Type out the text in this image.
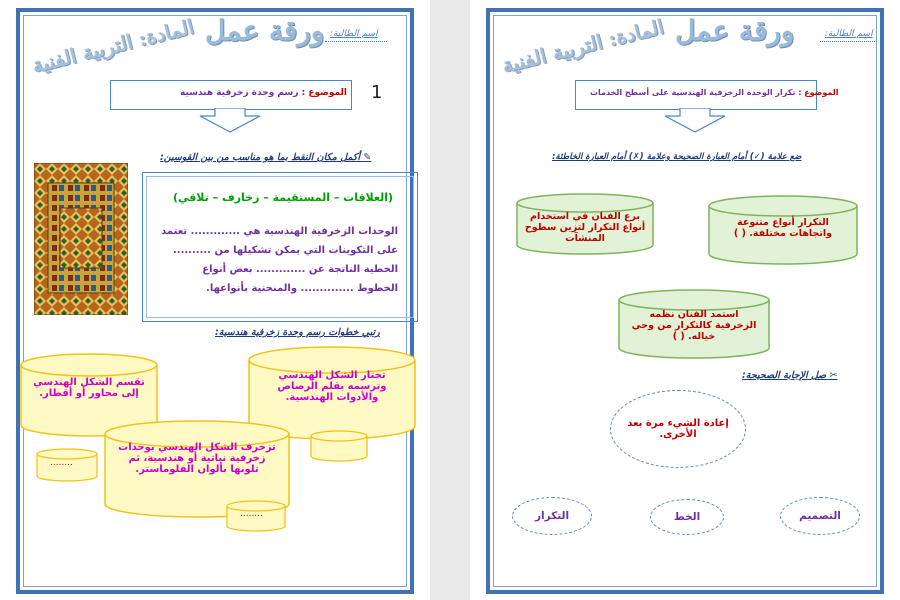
اسم الطالبة:
ورقة عمل
المادة: التربية الفنية
الموضوع : رسم وحدة زخرفية هندسية	1
✎ أكمل مكان النقط بما هو مناسب من بين القوسين:
(العلاقات – المستقيمة – زخارف – تلاقي)
الوحدات الزخرفية الهندسية هي ............. تعتمد
على التكوينات التي يمكن تشكيلها من ..........
الخطية الناتجة عن ............. بعض أنواع
الخطوط .............. والمنحنية بأنواعها.
رتبي خطوات رسم وحدة زخرفية هندسية:
تختار الشكل الهندسي وترسمه بقلم الرصاص والأدوات الهندسية.
تقسم الشكل الهندسي إلى محاور أو أقطار.
تزخرف الشكل الهندسي بوحدات زخرفية نباتية أو هندسية، ثم تلونها بألوان الفلوماستر.
........
........
اسم الطالبة:
ورقة عمل
المادة: التربية الفنية
الموضوع : تكرار الوحدة الزخرفية الهندسية على أسطح الخدمات
ضع علامة (✓) أمام العبارة الصحيحة وعلامة (✗) أمام العبارة الخاطئة:
برع الفنان في استخدام أنواع التكرار لتزين سطوح المنشآت
التكرار أنواع متنوعة واتجاهات مختلفة. ( )
استمد الفنان نظمه الزخرفية كالتكرار من وحي خياله. ( )
✂ صل الإجابة الصحيحة:
إعادة الشيء مرة بعد الأخرى.
التكرار	الخط	التصميم
